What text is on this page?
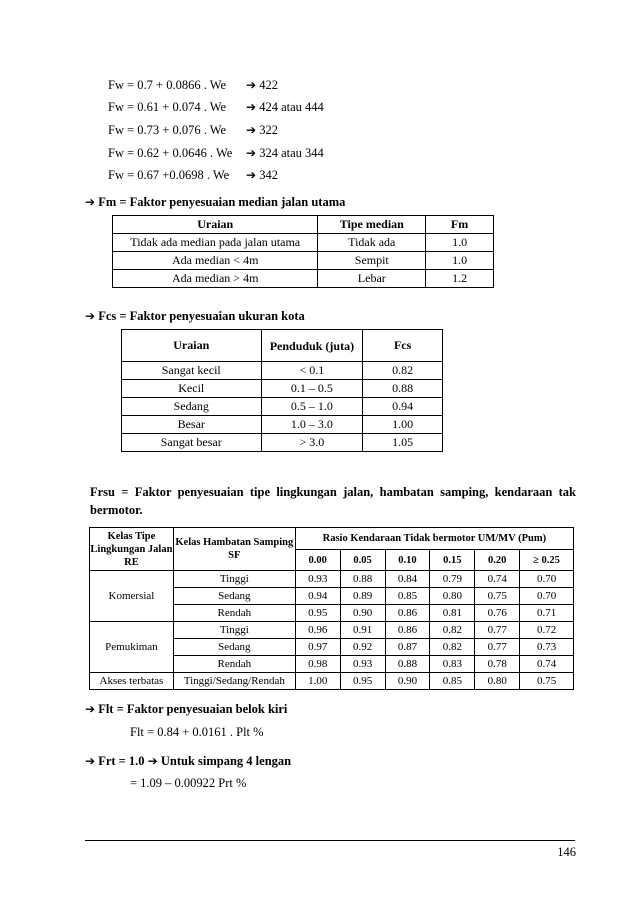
Fw = 0.7 + 0.0866 . We ➔ 422
Fw = 0.61 + 0.074 . We ➔ 424 atau 444
Fw = 0.73 + 0.076 . We ➔ 322
Fw = 0.62 + 0.0646 . We ➔ 324 atau 344
Fw = 0.67 +0.0698 . We ➔ 342
➔ Fm = Faktor penyesuaian median jalan utama
Uraian	Tipe median	Fm
Tidak ada median pada jalan utama	Tidak ada	1.0
Ada median < 4m	Sempit	1.0
Ada median > 4m	Lebar	1.2
➔ Fcs = Faktor penyesuaian ukuran kota
Uraian	Penduduk (juta)	Fcs
Sangat kecil	< 0.1	0.82
Kecil	0.1 – 0.5	0.88
Sedang	0.5 – 1.0	0.94
Besar	1.0 – 3.0	1.00
Sangat besar	> 3.0	1.05
Frsu = Faktor penyesuaian tipe lingkungan jalan, hambatan samping, kendaraan tak bermotor.
Kelas Tipe Lingkungan Jalan RE	Kelas Hambatan Samping SF	Rasio Kendaraan Tidak bermotor UM/MV (Pum)					
		0.00	0.05	0.10	0.15	0.20	≥ 0.25
Komersial	Tinggi	0.93	0.88	0.84	0.79	0.74	0.70
	Sedang	0.94	0.89	0.85	0.80	0.75	0.70
	Rendah	0.95	0.90	0.86	0.81	0.76	0.71
Pemukiman	Tinggi	0.96	0.91	0.86	0.82	0.77	0.72
	Sedang	0.97	0.92	0.87	0.82	0.77	0.73
	Rendah	0.98	0.93	0.88	0.83	0.78	0.74
Akses terbatas	Tinggi/Sedang/Rendah	1.00	0.95	0.90	0.85	0.80	0.75
➔ Flt = Faktor penyesuaian belok kiri
Flt = 0.84 + 0.0161 . Plt %
➔ Frt = 1.0 ➔ Untuk simpang 4 lengan
= 1.09 – 0.00922 Prt %
146
